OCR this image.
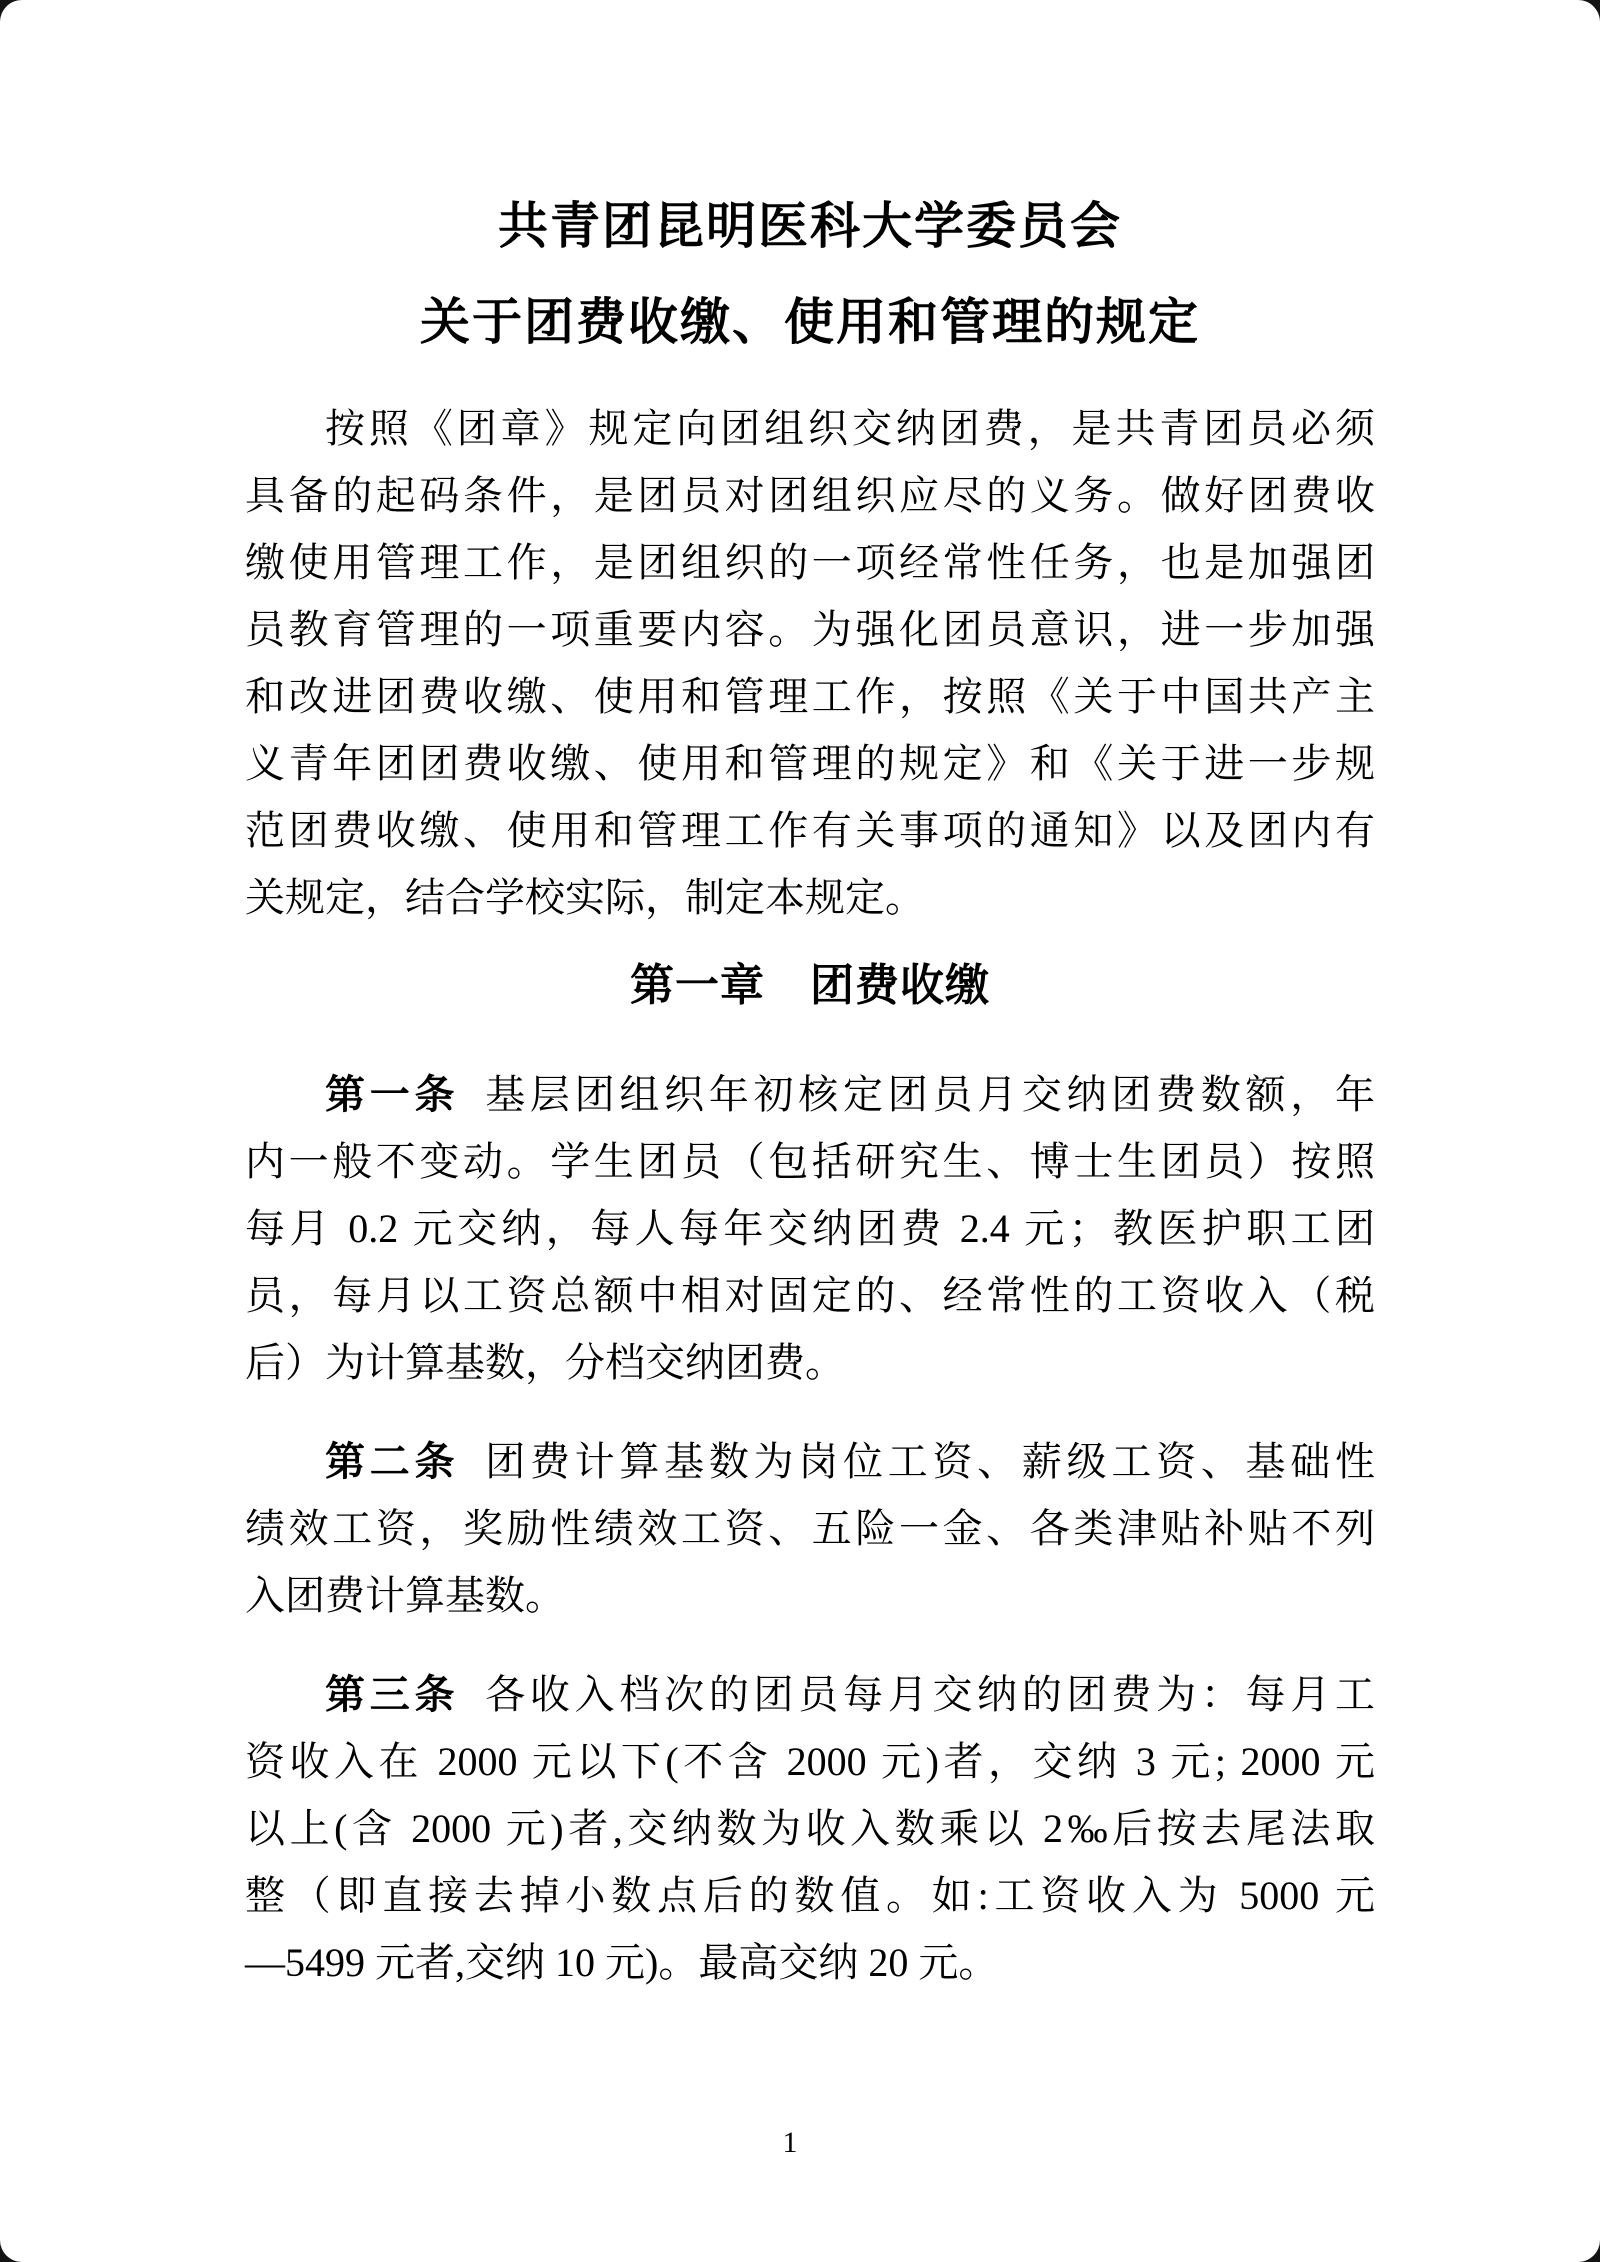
共青团昆明医科大学委员会
关于团费收缴、使用和管理的规定
按照《团章》规定向团组织交纳团费，是共青团员必须
具备的起码条件，是团员对团组织应尽的义务。做好团费收
缴使用管理工作，是团组织的一项经常性任务，也是加强团
员教育管理的一项重要内容。为强化团员意识，进一步加强
和改进团费收缴、使用和管理工作，按照《关于中国共产主
义青年团团费收缴、使用和管理的规定》和《关于进一步规
范团费收缴、使用和管理工作有关事项的通知》以及团内有
关规定，结合学校实际，制定本规定。
第一章　团费收缴
第一条 基层团组织年初核定团员月交纳团费数额，年
内一般不变动。学生团员（包括研究生、博士生团员）按照
每月 0.2 元交纳，每人每年交纳团费 2.4 元；教医护职工团
员，每月以工资总额中相对固定的、经常性的工资收入（税
后）为计算基数，分档交纳团费。
第二条 团费计算基数为岗位工资、薪级工资、基础性
绩效工资，奖励性绩效工资、五险一金、各类津贴补贴不列
入团费计算基数。
第三条 各收入档次的团员每月交纳的团费为：每月工
资收入在 2000 元以下(不含 2000 元)者，交纳 3 元; 2000 元
以上(含 2000 元)者,交纳数为收入数乘以 2‰后按去尾法取
整（即直接去掉小数点后的数值。如:工资收入为 5000 元
—5499 元者,交纳 10 元)。最高交纳 20 元。
1
